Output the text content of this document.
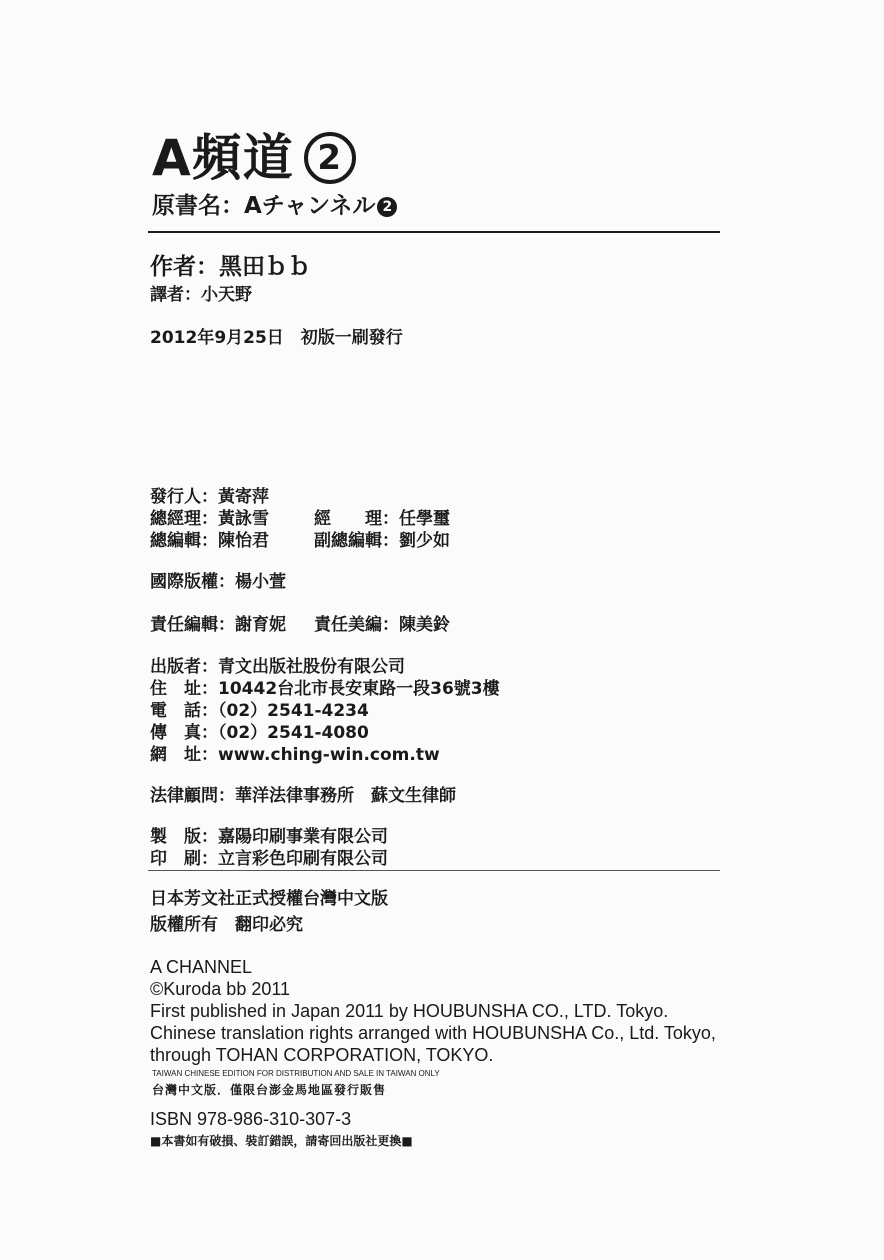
A頻道 2
原書名：Aチャンネル 2
作者：黑田ｂｂ
譯者：小天野
2012年9月25日　初版一刷發行
發行人：黃寄萍
總經理：黃詠雪	經　　理：任學璽
總編輯：陳怡君	副總編輯：劉少如
國際版權：楊小萱
責任編輯：謝育妮 責任美編：陳美鈴
出版者：青文出版社股份有限公司
住　址：10442台北市長安東路一段36號3樓
電　話：（02）2541-4234
傳　真：（02）2541-4080
網　址：www.ching-win.com.tw
法律顧問：華洋法律事務所　蘇文生律師
製　版：嘉陽印刷事業有限公司
印　刷：立言彩色印刷有限公司
日本芳文社正式授權台灣中文版
版權所有　翻印必究
A CHANNEL
©Kuroda bb 2011
First published in Japan 2011 by HOUBUNSHA CO., LTD. Tokyo.
Chinese translation rights arranged with HOUBUNSHA Co., Ltd. Tokyo,
through TOHAN CORPORATION, TOKYO.
TAIWAN CHINESE EDITION FOR DISTRIBUTION AND SALE IN TAIWAN ONLY
台灣中文版．僅限台澎金馬地區發行販售
ISBN 978-986-310-307-3
■本書如有破損、裝訂錯誤，請寄回出版社更換■
